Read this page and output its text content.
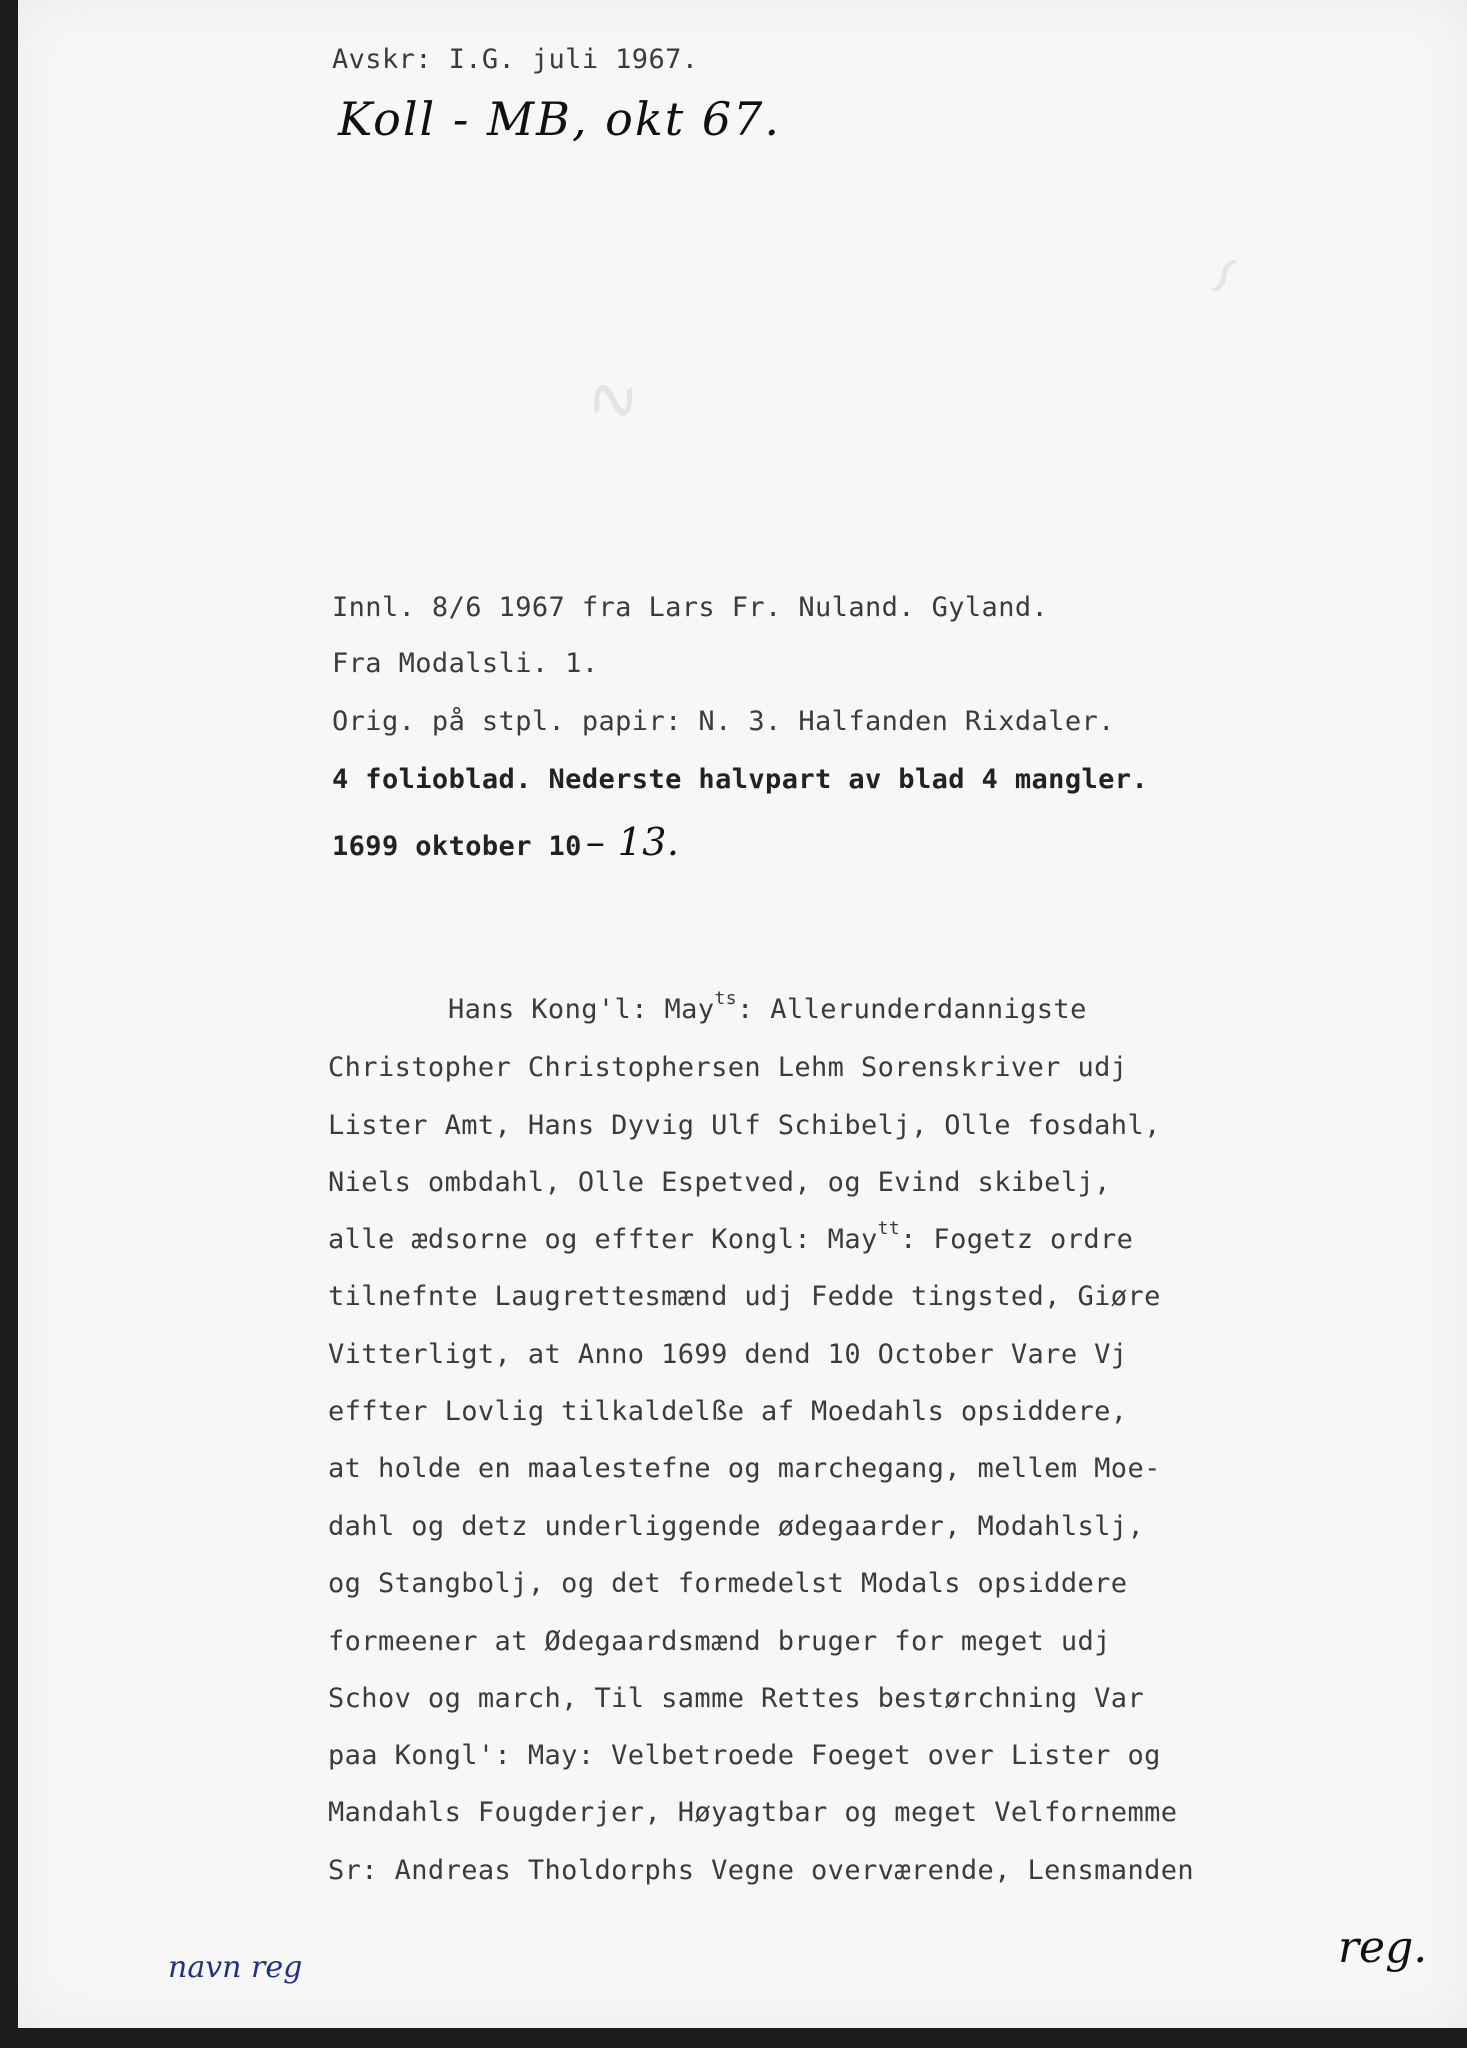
∿
∽
Avskr: I.G. juli 1967.
Koll - MB, okt 67.
Innl. 8/6 1967 fra Lars Fr. Nuland. Gyland.
Fra Modalsli. 1.
Orig. på stpl. papir: N. 3. Halfanden Rixdaler.
4 folioblad. Nederste halvpart av blad 4 mangler.
1699 oktober 10 – 13.
Hans Kong'l: May$^{ts}$: Allerunderdannigste
Christopher Christophersen Lehm Sorenskriver udj
Lister Amt, Hans Dyvig Ulf Schibelj, Olle fosdahl,
Niels ombdahl, Olle Espetved, og Evind skibelj,
alle ædsorne og effter Kongl: May$^{tt}$: Fogetz ordre
tilnefnte Laugrettesmænd udj Fedde tingsted, Giøre
Vitterligt, at Anno 1699 dend 10 October Vare Vj
effter Lovlig tilkaldelße af Moedahls opsiddere,
at holde en maalestefne og marchegang, mellem Moe-
dahl og detz underliggende ødegaarder, Modahlslj,
og Stangbolj, og det formedelst Modals opsiddere
formeener at Ødegaardsmænd bruger for meget udj
Schov og march, Til samme Rettes bestørchning Var
paa Kongl': May: Velbetroede Foeget over Lister og
Mandahls Fougderjer, Høyagtbar og meget Velfornemme
Sr: Andreas Tholdorphs Vegne overværende, Lensmanden
navn reg	reg.
